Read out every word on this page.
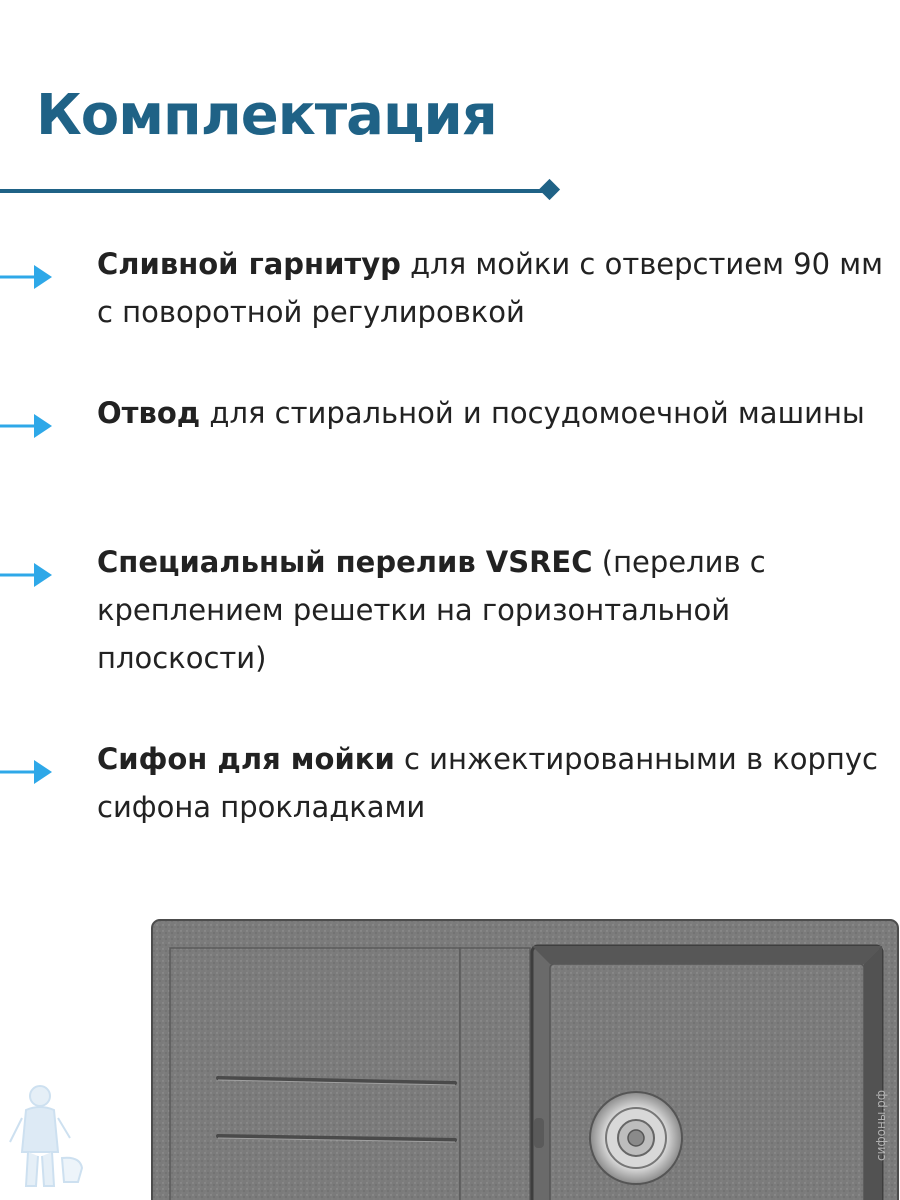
Комплектация
Сливной гарнитур для мойки с отверстием 90 мм с поворотной регулировкой
Отвод для стиральной и посудомоечной машины
Специальный перелив VSREC (перелив с креплением решетки на горизонтальной плоскости)
Сифон для мойки с инжектированными в корпус сифона прокладками
сифоны.рф
